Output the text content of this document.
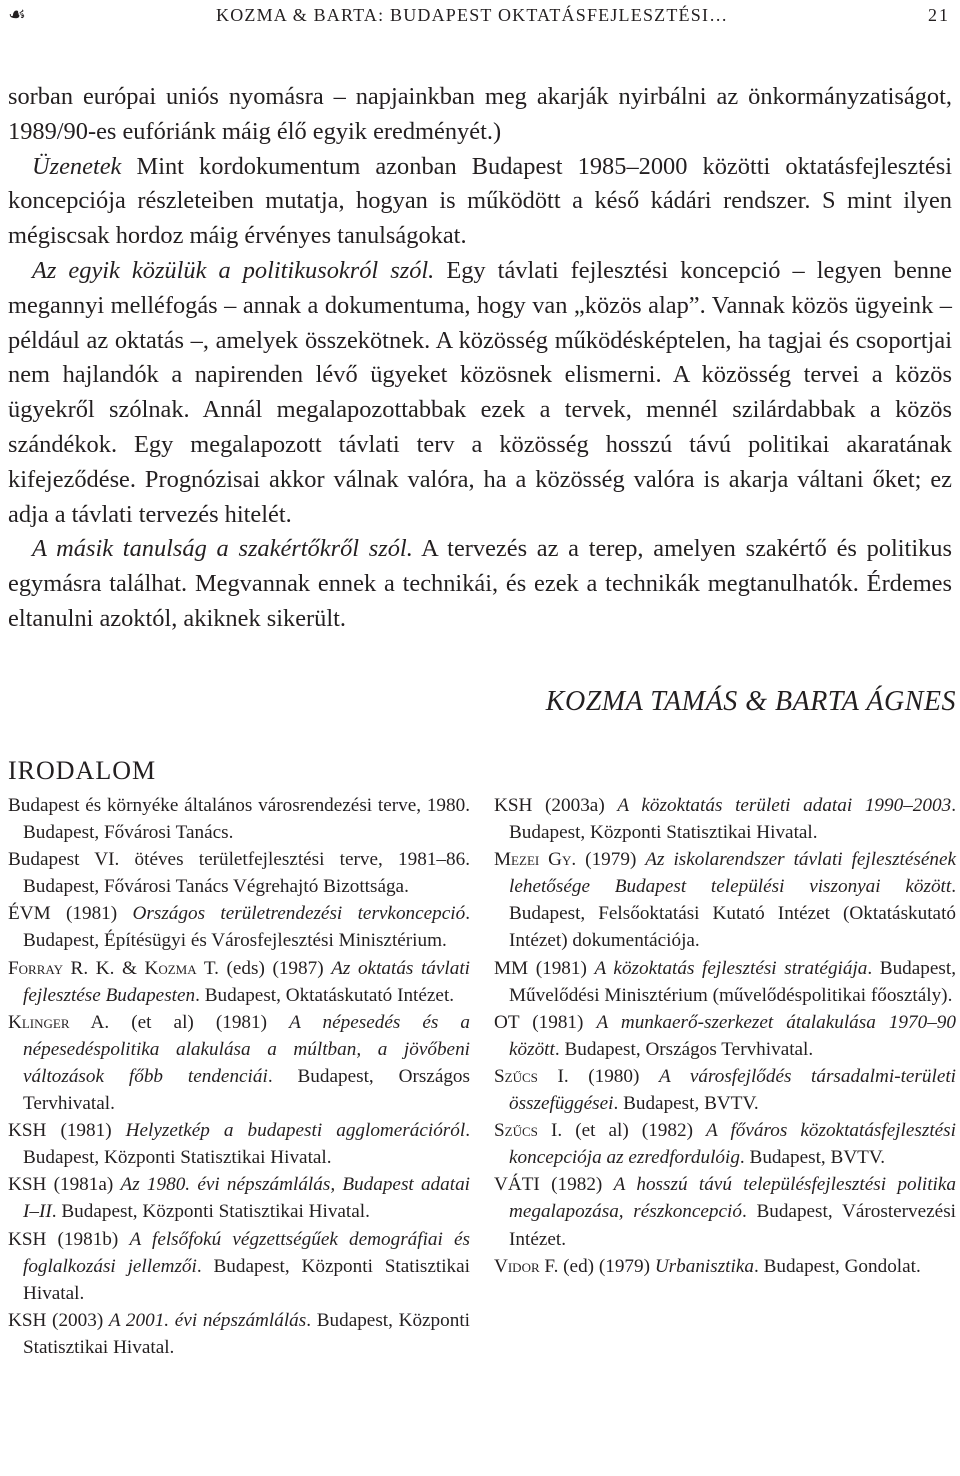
☙	KOZMA & BARTA: BUDAPEST OKTATÁSFEJLESZTÉSI…	21

sorban európai uniós nyomásra – napjainkban meg akarják nyirbálni az önkormányzatiságot, 1989/90-es eufóriánk máig élő egyik eredményét.)

Üzenetek Mint kordokumentum azonban Budapest 1985–2000 közötti oktatásfejlesztési koncepciója részleteiben mutatja, hogyan is működött a késő kádári rendszer. S mint ilyen mégiscsak hordoz máig érvényes tanulságokat.

Az egyik közülük a politikusokról szól. Egy távlati fejlesztési koncepció – legyen benne megannyi melléfogás – annak a dokumentuma, hogy van „közös alap”. Vannak közös ügyeink – például az oktatás –, amelyek összekötnek. A közösség működésképtelen, ha tagjai és csoportjai nem hajlandók a napirenden lévő ügyeket közösnek elismerni. A közösség tervei a közös ügyekről szólnak. Annál megalapozottabbak ezek a tervek, mennél szilárdabbak a közös szándékok. Egy megalapozott távlati terv a közösség hosszú távú politikai akaratának kifejeződése. Prognózisai akkor válnak valóra, ha a közösség valóra is akarja váltani őket; ez adja a távlati tervezés hitelét.

A másik tanulság a szakértőkről szól. A tervezés az a terep, amelyen szakértő és politikus egymásra találhat. Megvannak ennek a technikái, és ezek a technikák megtanulhatók. Érdemes eltanulni azoktól, akiknek sikerült.

KOZMA TAMÁS & BARTA ÁGNES
IRODALOM

Budapest és környéke általános városrendezési terve, 1980. Budapest, Fővárosi Tanács.

Budapest VI. ötéves területfejlesztési terve, 1981–86. Budapest, Fővárosi Tanács Végrehajtó Bizottsága.

ÉVM (1981) Országos területrendezési tervkoncepció. Budapest, Építésügyi és Városfejlesztési Minisztérium.

Forray R. K. & Kozma T. (eds) (1987) Az oktatás távlati fejlesztése Budapesten. Budapest, Oktatáskutató Intézet.

Klinger A. (et al) (1981) A népesedés és a népesedéspolitika alakulása a múltban, a jövőbeni változások főbb tendenciái. Budapest, Országos Tervhivatal.

KSH (1981) Helyzetkép a budapesti agglomerációról. Budapest, Központi Statisztikai Hivatal.

KSH (1981a) Az 1980. évi népszámlálás, Budapest adatai I–II. Budapest, Központi Statisztikai Hivatal.

KSH (1981b) A felsőfokú végzettségűek demográfiai és foglalkozási jellemzői. Budapest, Központi Statisztikai Hivatal.

KSH (2003) A 2001. évi népszámlálás. Budapest, Központi Statisztikai Hivatal.

KSH (2003a) A közoktatás területi adatai 1990–2003. Budapest, Központi Statisztikai Hivatal.

Mezei Gy. (1979) Az iskolarendszer távlati fejlesztésének lehetősége Budapest települési viszonyai között. Budapest, Felsőoktatási Kutató Intézet (Oktatáskutató Intézet) dokumentációja.

MM (1981) A közoktatás fejlesztési stratégiája. Budapest, Művelődési Minisztérium (művelődéspolitikai főosztály).

OT (1981) A munkaerő-szerkezet átalakulása 1970–90 között. Budapest, Országos Tervhivatal.

Szűcs I. (1980) A városfejlődés társadalmi-területi összefüggései. Budapest, BVTV.

Szűcs I. (et al) (1982) A főváros közoktatásfejlesztési koncepciója az ezredfordulóig. Budapest, BVTV.

VÁTI (1982) A hosszú távú településfejlesztési politika megalapozása, részkoncepció. Budapest, Várostervezési Intézet.

Vidor F. (ed) (1979) Urbanisztika. Budapest, Gondolat.
